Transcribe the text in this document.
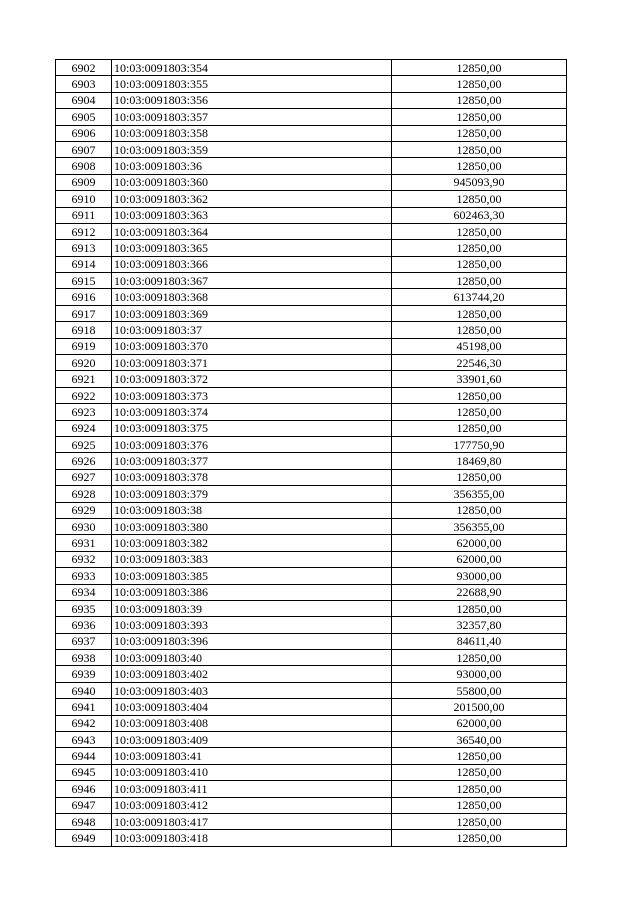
6902	10:03:0091803:354	12850,00
6903	10:03:0091803:355	12850,00
6904	10:03:0091803:356	12850,00
6905	10:03:0091803:357	12850,00
6906	10:03:0091803:358	12850,00
6907	10:03:0091803:359	12850,00
6908	10:03:0091803:36	12850,00
6909	10:03:0091803:360	945093,90
6910	10:03:0091803:362	12850,00
6911	10:03:0091803:363	602463,30
6912	10:03:0091803:364	12850,00
6913	10:03:0091803:365	12850,00
6914	10:03:0091803:366	12850,00
6915	10:03:0091803:367	12850,00
6916	10:03:0091803:368	613744,20
6917	10:03:0091803:369	12850,00
6918	10:03:0091803:37	12850,00
6919	10:03:0091803:370	45198,00
6920	10:03:0091803:371	22546,30
6921	10:03:0091803:372	33901,60
6922	10:03:0091803:373	12850,00
6923	10:03:0091803:374	12850,00
6924	10:03:0091803:375	12850,00
6925	10:03:0091803:376	177750,90
6926	10:03:0091803:377	18469,80
6927	10:03:0091803:378	12850,00
6928	10:03:0091803:379	356355,00
6929	10:03:0091803:38	12850,00
6930	10:03:0091803:380	356355,00
6931	10:03:0091803:382	62000,00
6932	10:03:0091803:383	62000,00
6933	10:03:0091803:385	93000,00
6934	10:03:0091803:386	22688,90
6935	10:03:0091803:39	12850,00
6936	10:03:0091803:393	32357,80
6937	10:03:0091803:396	84611,40
6938	10:03:0091803:40	12850,00
6939	10:03:0091803:402	93000,00
6940	10:03:0091803:403	55800,00
6941	10:03:0091803:404	201500,00
6942	10:03:0091803:408	62000,00
6943	10:03:0091803:409	36540,00
6944	10:03:0091803:41	12850,00
6945	10:03:0091803:410	12850,00
6946	10:03:0091803:411	12850,00
6947	10:03:0091803:412	12850,00
6948	10:03:0091803:417	12850,00
6949	10:03:0091803:418	12850,00
